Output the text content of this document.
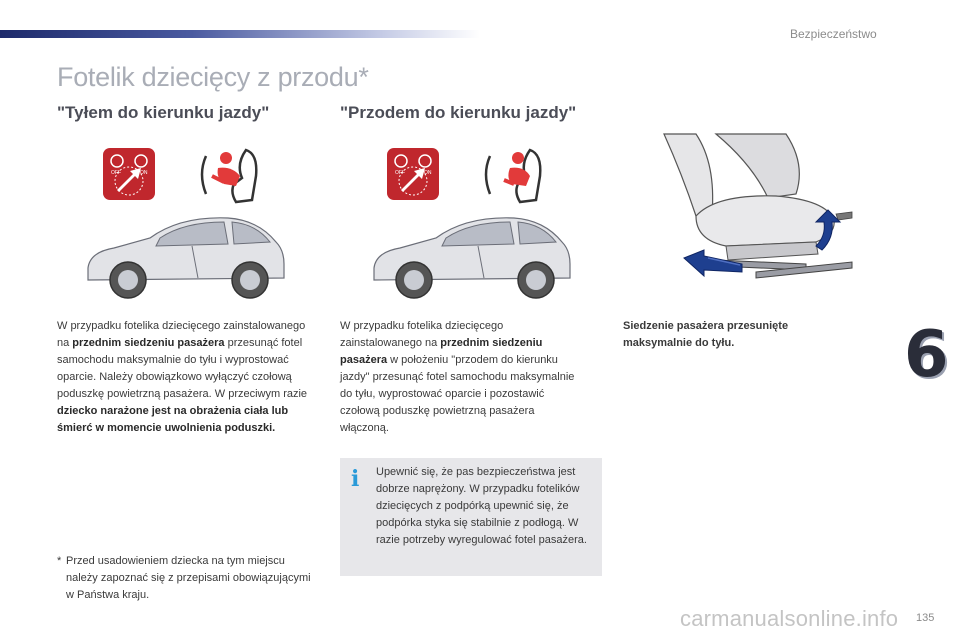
Bezpieczeństwo
Fotelik dziecięcy z przodu*
"Tyłem do kierunku jazdy"	"Przodem do kierunku jazdy"
OFF	ON	OFF	ON
W przypadku fotelika dziecięcego zainstalowanego na przednim siedzeniu pasażera przesunąć fotel samochodu maksymalnie do tyłu i wyprostować oparcie. Należy obowiązkowo wyłączyć czołową poduszkę powietrzną pasażera. W przeciwym razie dziecko narażone jest na obrażenia ciała lub śmierć w momencie uwolnienia poduszki.
W przypadku fotelika dziecięcego zainstalowanego na przednim siedzeniu pasażera w położeniu "przodem do kierunku jazdy" przesunąć fotel samochodu maksymalnie do tyłu, wyprostować oparcie i pozostawić czołową poduszkę powietrzną pasażera włączoną.
Siedzenie pasażera przesunięte maksymalnie do tyłu.
i Upewnić się, że pas bezpieczeństwa jest dobrze naprężony. W przypadku fotelików dziecięcych z podpórką upewnić się, że podpórka styka się stabilnie z podłogą. W razie potrzeby wyregulować fotel pasażera.
* Przed usadowieniem dziecka na tym miejscu należy zapoznać się z przepisami obowiązującymi w Państwa kraju.
6
carmanualsonline.info 135
